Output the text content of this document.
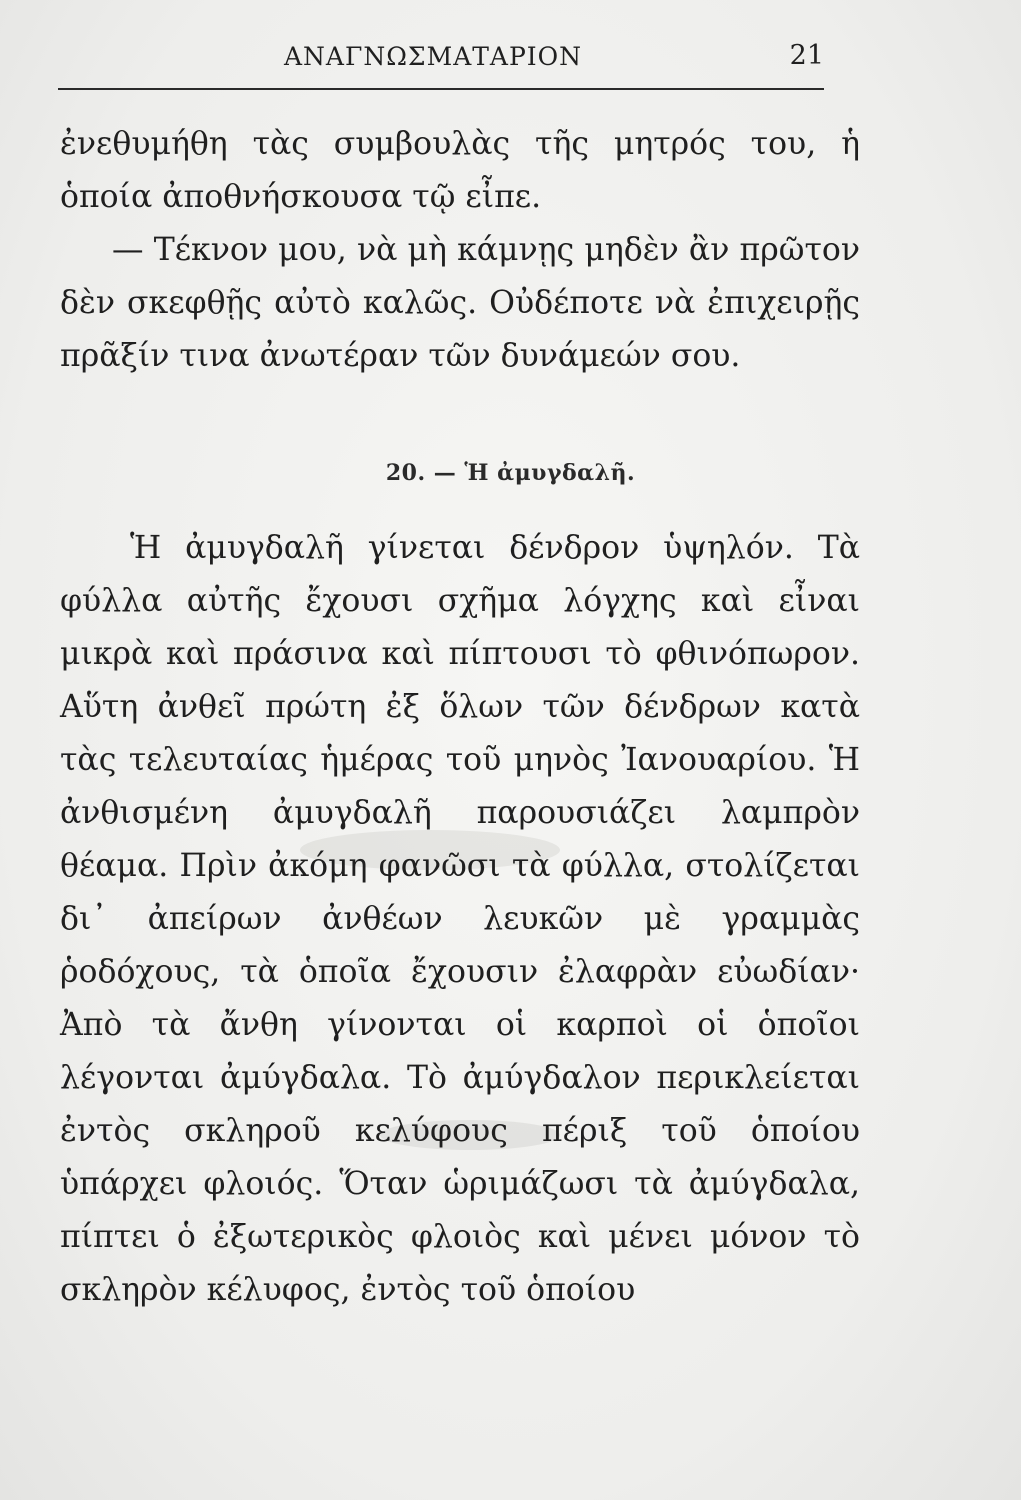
ΑΝΑΓΝΩΣΜΑΤΑΡΙΟΝ	21

ἐνεθυμήθη τὰς συμβουλὰς τῆς μητρός του, ἡ ὁποία ἀποθνήσκουσα τῷ εἶπε.

— Τέκνον μου, νὰ μὴ κάμνῃς μηδὲν ἂν πρῶτον δὲν σκεφθῇς αὐτὸ καλῶς. Οὐδέποτε νὰ ἐπιχειρῇς πρᾶξίν τινα ἀνωτέραν τῶν δυνάμεών σου.

20. — Ἡ ἀμυγδαλῆ.

Ἡ ἀμυγδαλῆ γίνεται δένδρον ὑψηλόν. Τὰ φύλλα αὐτῆς ἔχουσι σχῆμα λόγχης καὶ εἶναι μικρὰ καὶ πράσινα καὶ πίπτουσι τὸ φθινόπωρον. Αὕτη ἀνθεῖ πρώτη ἐξ ὅλων τῶν δένδρων κατὰ τὰς τελευταίας ἡμέρας τοῦ μηνὸς Ἰανουαρίου. Ἡ ἀνθισμένη ἀμυγδαλῆ παρουσιάζει λαμπρὸν θέαμα. Πρὶν ἀκόμη φανῶσι τὰ φύλλα, στολίζεται δι᾽ ἀπείρων ἀνθέων λευκῶν μὲ γραμμὰς ῥοδόχους, τὰ ὁποῖα ἔχουσιν ἐλαφρὰν εὐωδίαν· Ἀπὸ τὰ ἄνθη γίνονται οἱ καρποὶ οἱ ὁποῖοι λέγονται ἀμύγδαλα. Τὸ ἀμύγδαλον περικλείεται ἐντὸς σκληροῦ κελύφους πέριξ τοῦ ὁποίου ὑπάρχει φλοιός. Ὅταν ὡριμάζωσι τὰ ἀμύγδαλα, πίπτει ὁ ἐξωτερικὸς φλοιὸς καὶ μένει μόνον τὸ σκληρὸν κέλυφος, ἐντὸς τοῦ ὁποίου
